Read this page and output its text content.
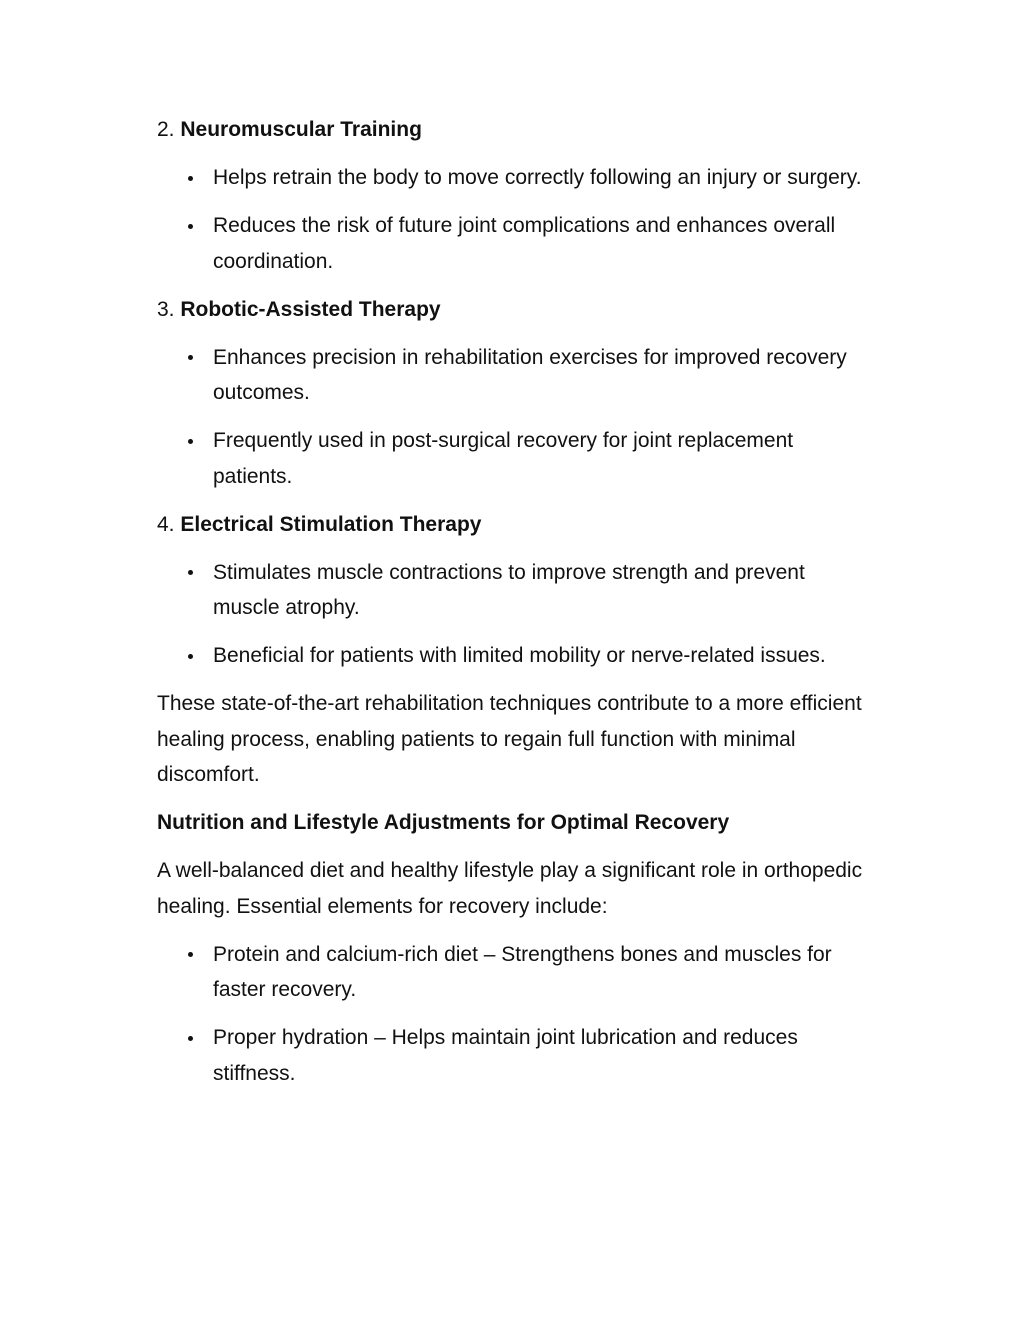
2. Neuromuscular Training

Helps retrain the body to move correctly following an injury or surgery.
Reduces the risk of future joint complications and enhances overall coordination.

3. Robotic-Assisted Therapy

Enhances precision in rehabilitation exercises for improved recovery outcomes.
Frequently used in post-surgical recovery for joint replacement patients.

4. Electrical Stimulation Therapy

Stimulates muscle contractions to improve strength and prevent muscle atrophy.
Beneficial for patients with limited mobility or nerve-related issues.

These state-of-the-art rehabilitation techniques contribute to a more efficient healing process, enabling patients to regain full function with minimal discomfort.

Nutrition and Lifestyle Adjustments for Optimal Recovery

A well-balanced diet and healthy lifestyle play a significant role in orthopedic healing. Essential elements for recovery include:

Protein and calcium-rich diet – Strengthens bones and muscles for faster recovery.
Proper hydration – Helps maintain joint lubrication and reduces stiffness.
